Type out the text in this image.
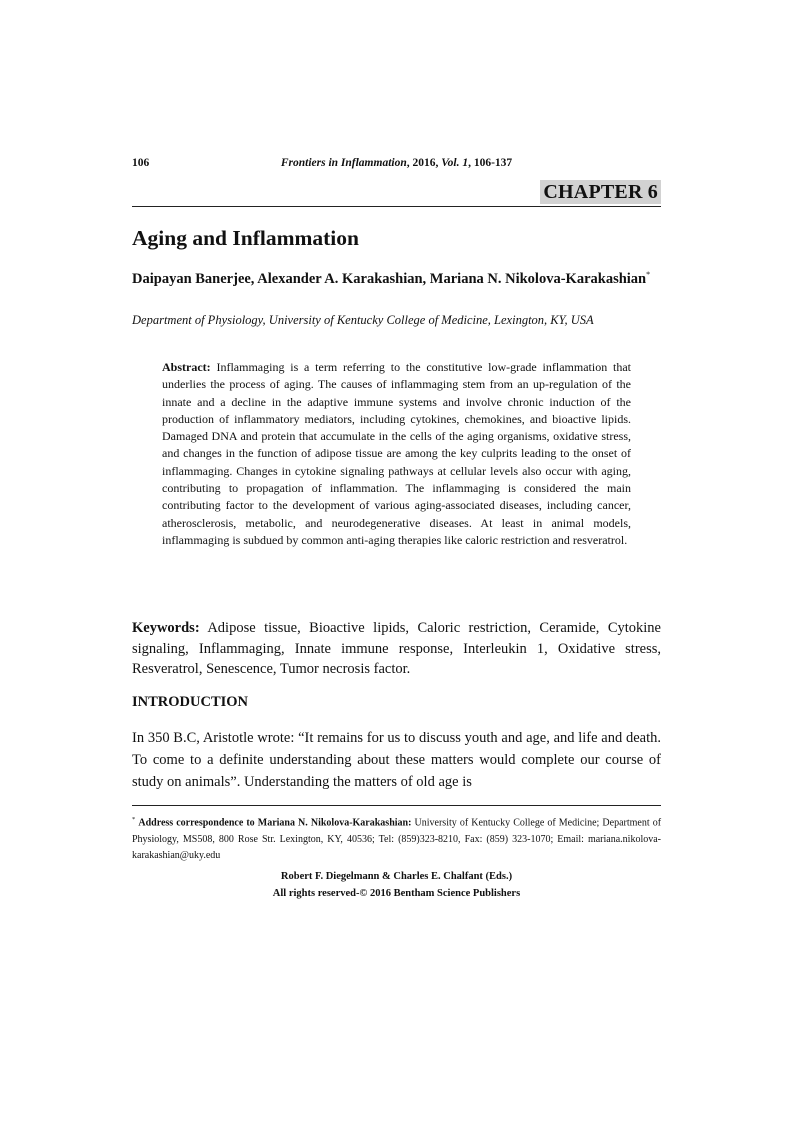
106	Frontiers in Inflammation, 2016, Vol. 1, 106-137
CHAPTER 6
Aging and Inflammation

Daipayan Banerjee, Alexander A. Karakashian, Mariana N. Nikolova-Karakashian*

Department of Physiology, University of Kentucky College of Medicine, Lexington, KY, USA

Abstract: Inflammaging is a term referring to the constitutive low-grade inflammation that underlies the process of aging. The causes of inflammaging stem from an up-regulation of the innate and a decline in the adaptive immune systems and involve chronic induction of the production of inflammatory mediators, including cytokines, chemokines, and bioactive lipids. Damaged DNA and protein that accumulate in the cells of the aging organisms, oxidative stress, and changes in the function of adipose tissue are among the key culprits leading to the onset of inflammaging. Changes in cytokine signaling pathways at cellular levels also occur with aging, contributing to propagation of inflammation. The inflammaging is considered the main contributing factor to the development of various aging-associated diseases, including cancer, atherosclerosis, metabolic, and neurodegenerative diseases. At least in animal models, inflammaging is subdued by common anti-aging therapies like caloric restriction and resveratrol.

Keywords: Adipose tissue, Bioactive lipids, Caloric restriction, Ceramide, Cytokine signaling, Inflammaging, Innate immune response, Interleukin 1, Oxidative stress, Resveratrol, Senescence, Tumor necrosis factor.

INTRODUCTION

In 350 B.C, Aristotle wrote: “It remains for us to discuss youth and age, and life and death. To come to a definite understanding about these matters would complete our course of study on animals”. Understanding the matters of old age is

* Address correspondence to Mariana N. Nikolova-Karakashian: University of Kentucky College of Medicine; Department of Physiology, MS508, 800 Rose Str. Lexington, KY, 40536; Tel: (859)323-8210, Fax: (859) 323-1070; Email: mariana.nikolova-karakashian@uky.edu

Robert F. Diegelmann & Charles E. Chalfant (Eds.)
All rights reserved-© 2016 Bentham Science Publishers
